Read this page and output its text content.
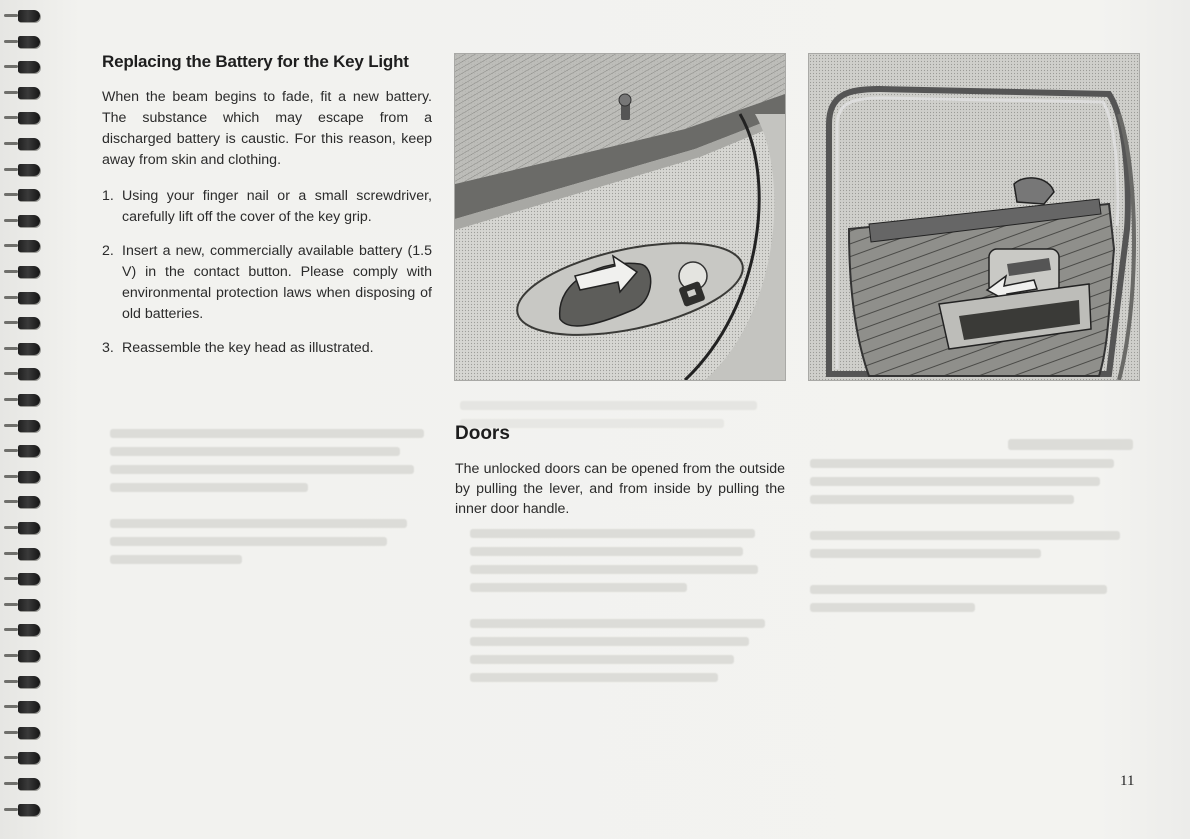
Replacing the Battery for the Key Light

When the beam begins to fade, fit a new battery. The substance which may escape from a discharged battery is caustic. For this reason, keep away from skin and clothing.

1. Using your finger nail or a small screwdriver, carefully lift off the cover of the key grip.
2. Insert a new, commercially available battery (1.5 V) in the contact button. Please comply with environmental protection laws when disposing of old batteries.
3. Reassemble the key head as illustrated.
Doors

The unlocked doors can be opened from the outside by pulling the lever, and from inside by pulling the inner door handle.

11
